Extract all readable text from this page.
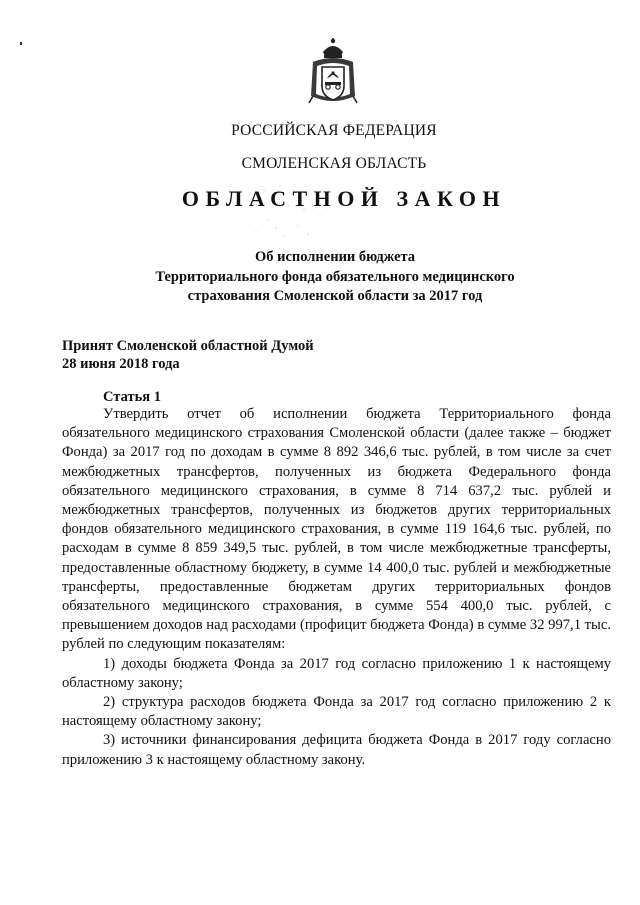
РОССИЙСКАЯ ФЕДЕРАЦИЯ
СМОЛЕНСКАЯ ОБЛАСТЬ
ОБЛАСТНОЙ ЗАКОН
Об исполнении бюджета
Территориального фонда обязательного медицинского
страхования Смоленской области за 2017 год
Принят Смоленской областной Думой
28 июня 2018 года
Статья 1

Утвердить отчет об исполнении бюджета Территориального фонда обязательного медицинского страхования Смоленской области (далее также – бюджет Фонда) за 2017 год по доходам в сумме 8 892 346,6 тыс. рублей, в том числе за счет межбюджетных трансфертов, полученных из бюджета Федерального фонда обязательного медицинского страхования, в сумме 8 714 637,2 тыс. рублей и межбюджетных трансфертов, полученных из бюджетов других территориальных фондов обязательного медицинского страхования, в сумме 119 164,6 тыс. рублей, по расходам в сумме 8 859 349,5 тыс. рублей, в том числе межбюджетные трансферты, предоставленные областному бюджету, в сумме 14 400,0 тыс. рублей и межбюджетные трансферты, предоставленные бюджетам других территориальных фондов обязательного медицинского страхования, в сумме 554 400,0 тыс. рублей, с превышением доходов над расходами (профицит бюджета Фонда) в сумме 32 997,1 тыс. рублей по следующим показателям:

1) доходы бюджета Фонда за 2017 год согласно приложению 1 к настоящему областному закону;

2) структура расходов бюджета Фонда за 2017 год согласно приложению 2 к настоящему областному закону;

3) источники финансирования дефицита бюджета Фонда в 2017 году согласно приложению 3 к настоящему областному закону.
